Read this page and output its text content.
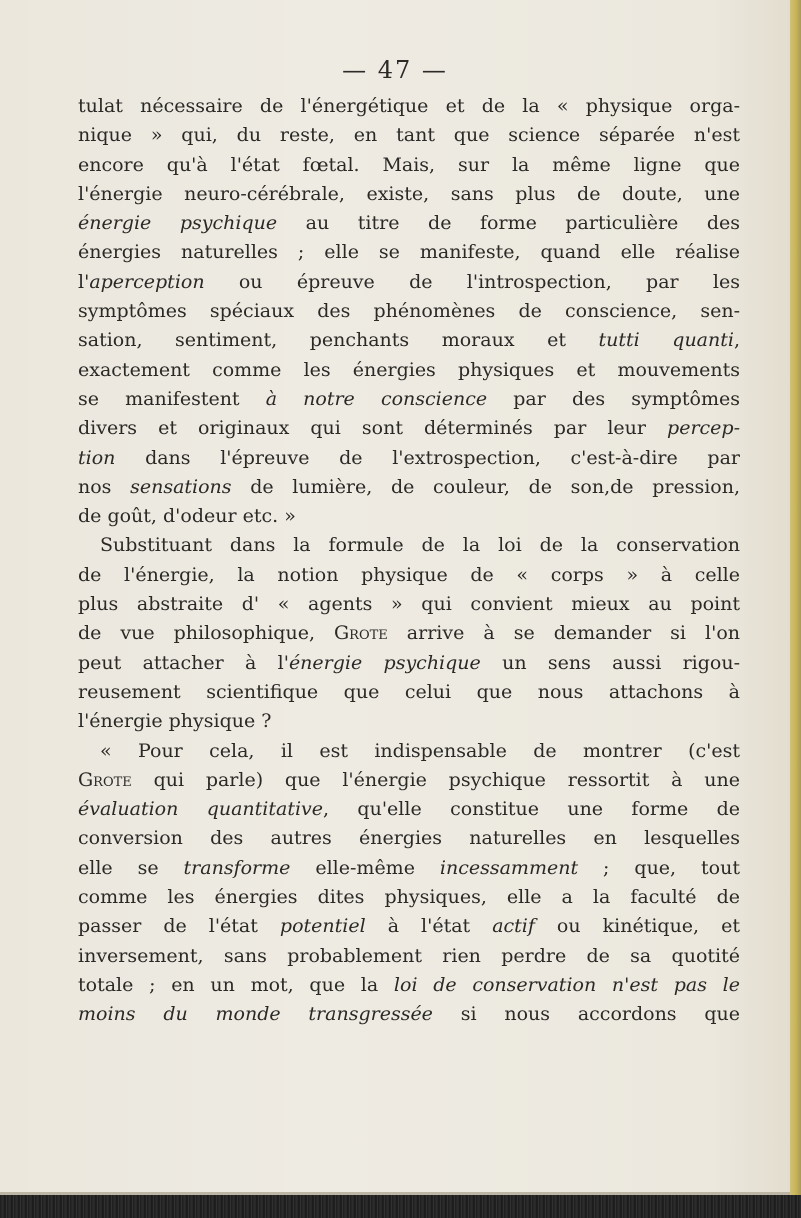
— 47 —
tulat nécessaire de l'énergétique et de la « physique orga-
nique » qui, du reste, en tant que science séparée n'est
encore qu'à l'état fœtal. Mais, sur la même ligne que
l'énergie neuro-cérébrale, existe, sans plus de doute, une
énergie psychique au titre de forme particulière des
énergies naturelles ; elle se manifeste, quand elle réalise
l'aperception ou épreuve de l'introspection, par les
symptômes spéciaux des phénomènes de conscience, sen-
sation, sentiment, penchants moraux et tutti quanti,
exactement comme les énergies physiques et mouvements
se manifestent à notre conscience par des symptômes
divers et originaux qui sont déterminés par leur percep-
tion dans l'épreuve de l'extrospection, c'est-à-dire par
nos sensations de lumière, de couleur, de son,de pression,
de goût, d'odeur etc. »
Substituant dans la formule de la loi de la conservation
de l'énergie, la notion physique de « corps » à celle
plus abstraite d' « agents » qui convient mieux au point
de vue philosophique, Grote arrive à se demander si l'on
peut attacher à l'énergie psychique un sens aussi rigou-
reusement scientifique que celui que nous attachons à
l'énergie physique ?
« Pour cela, il est indispensable de montrer (c'est
Grote qui parle) que l'énergie psychique ressortit à une
évaluation quantitative, qu'elle constitue une forme de
conversion des autres énergies naturelles en lesquelles
elle se transforme elle-même incessamment ; que, tout
comme les énergies dites physiques, elle a la faculté de
passer de l'état potentiel à l'état actif ou kinétique, et
inversement, sans probablement rien perdre de sa quotité
totale ; en un mot, que la loi de conservation n'est pas le
moins du monde transgressée si nous accordons que
